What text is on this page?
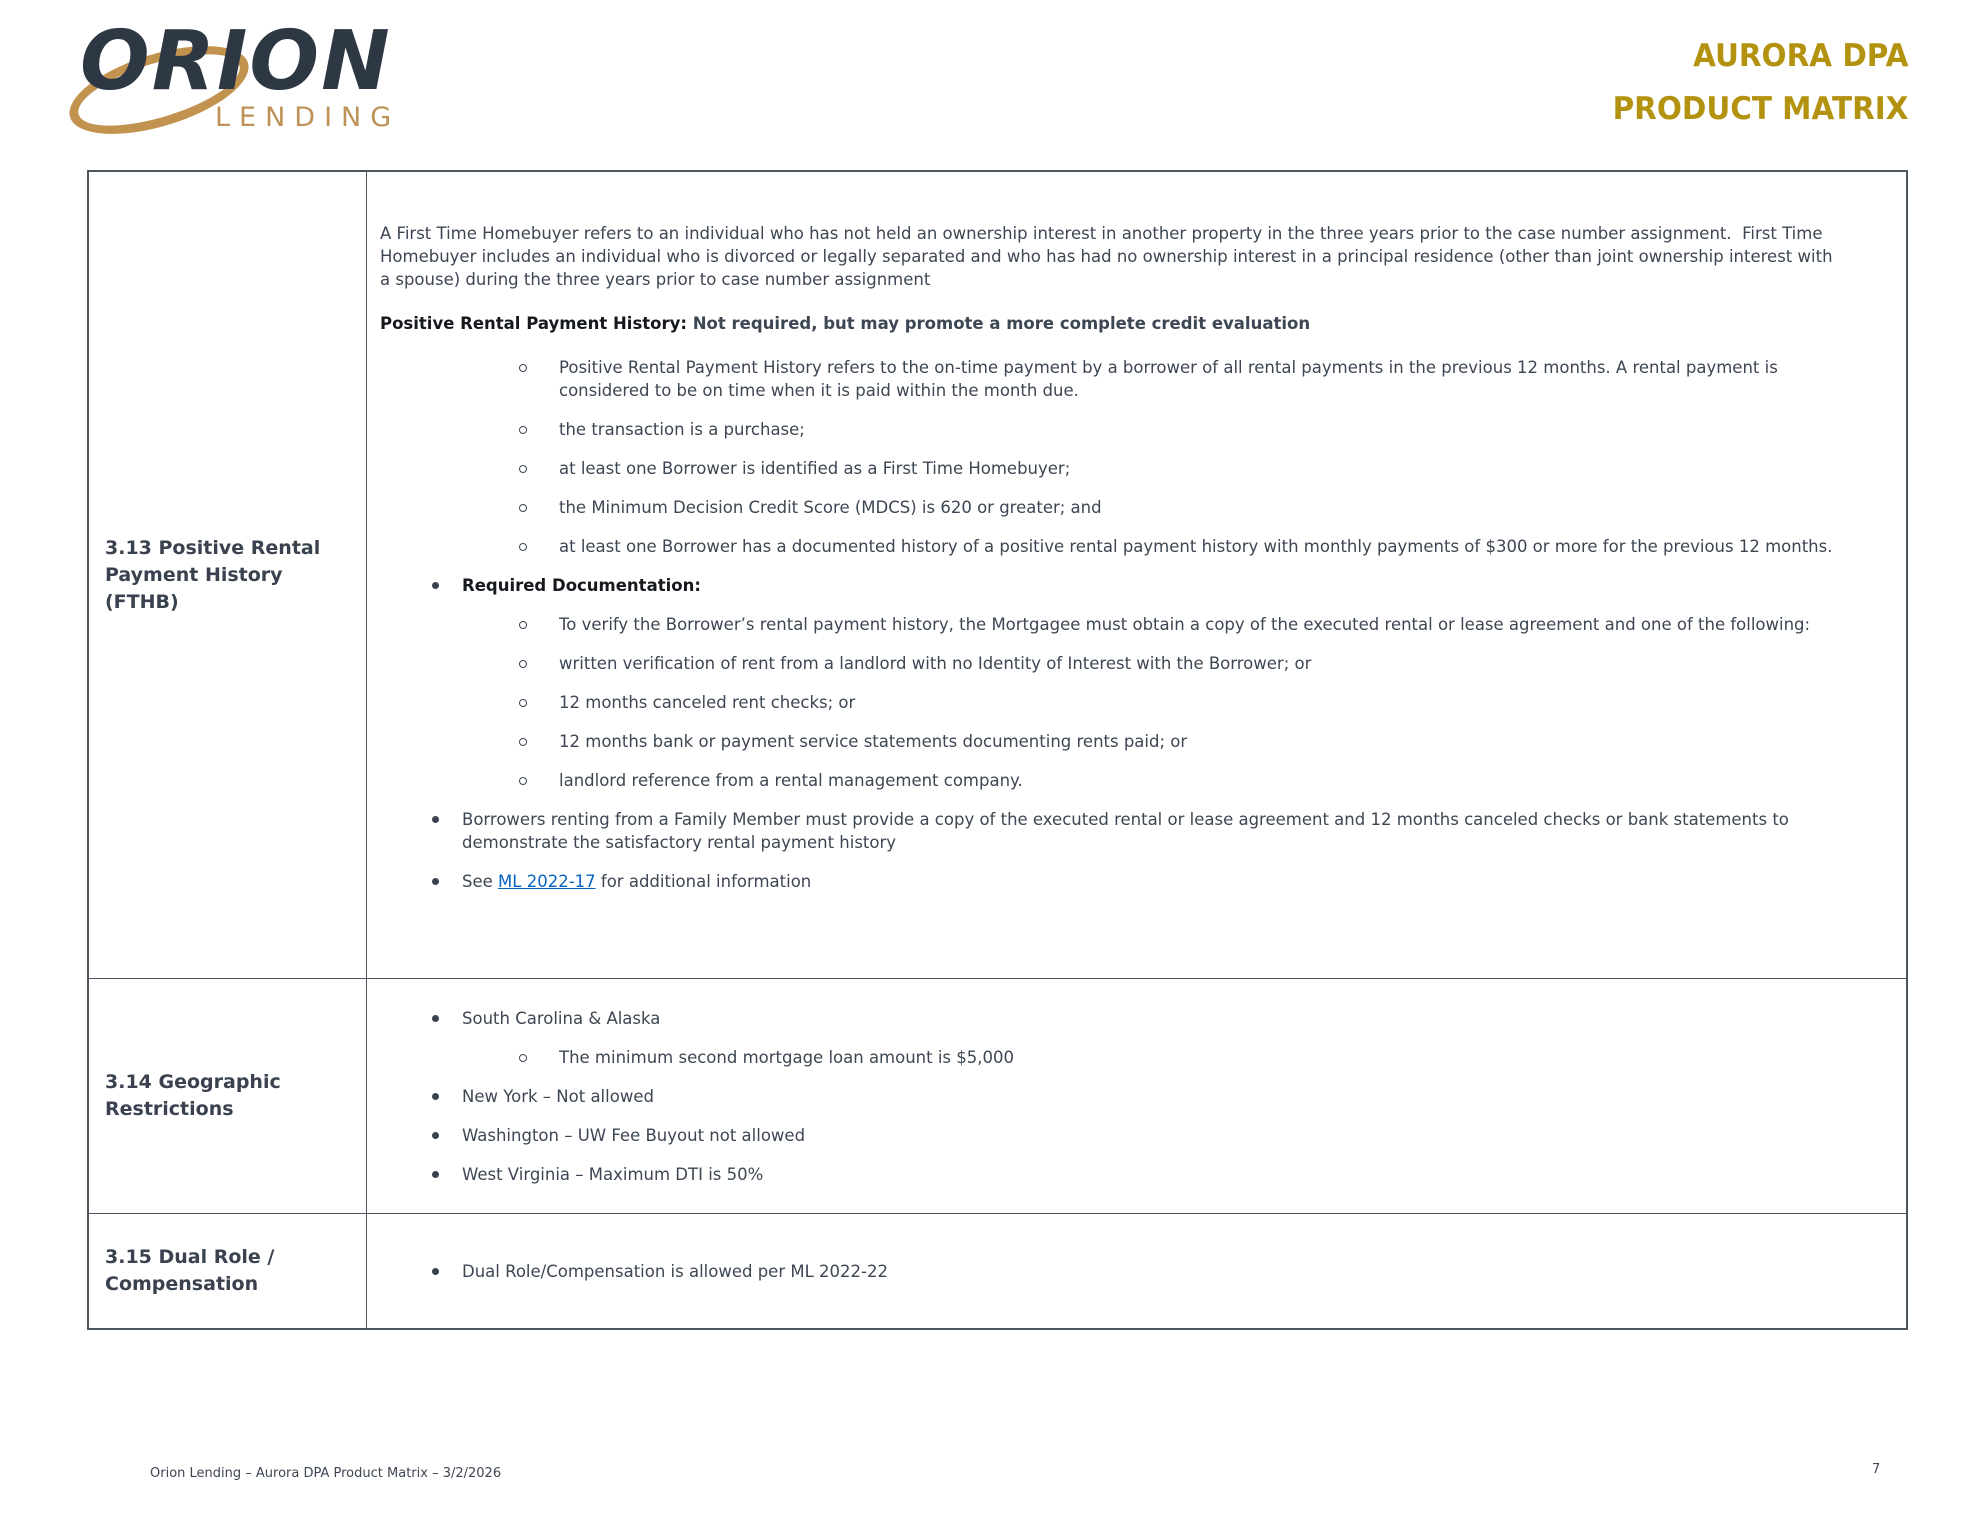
ORION
LENDING
AURORA DPA
PRODUCT MATRIX
3.13 Positive Rental Payment History (FTHB)

A First Time Homebuyer refers to an individual who has not held an ownership interest in another property in the three years prior to the case number assignment.  First Time Homebuyer includes an individual who is divorced or legally separated and who has had no ownership interest in a principal residence (other than joint ownership interest with a spouse) during the three years prior to case number assignment

Positive Rental Payment History: Not required, but may promote a more complete credit evaluation

Positive Rental Payment History refers to the on-time payment by a borrower of all rental payments in the previous 12 months. A rental payment is considered to be on time when it is paid within the month due.
the transaction is a purchase;
at least one Borrower is identified as a First Time Homebuyer;
the Minimum Decision Credit Score (MDCS) is 620 or greater; and
at least one Borrower has a documented history of a positive rental payment history with monthly payments of $300 or more for the previous 12 months.
Required Documentation:
To verify the Borrower’s rental payment history, the Mortgagee must obtain a copy of the executed rental or lease agreement and one of the following:
written verification of rent from a landlord with no Identity of Interest with the Borrower; or
12 months canceled rent checks; or
12 months bank or payment service statements documenting rents paid; or
landlord reference from a rental management company.
Borrowers renting from a Family Member must provide a copy of the executed rental or lease agreement and 12 months canceled checks or bank statements to demonstrate the satisfactory rental payment history
See ML 2022-17 for additional information
3.14 Geographic Restrictions
South Carolina & Alaska
The minimum second mortgage loan amount is $5,000
New York – Not allowed
Washington – UW Fee Buyout not allowed
West Virginia – Maximum DTI is 50%
3.15 Dual Role / Compensation
Dual Role/Compensation is allowed per ML 2022-22
Orion Lending – Aurora DPA Product Matrix – 3/2/2026	7
